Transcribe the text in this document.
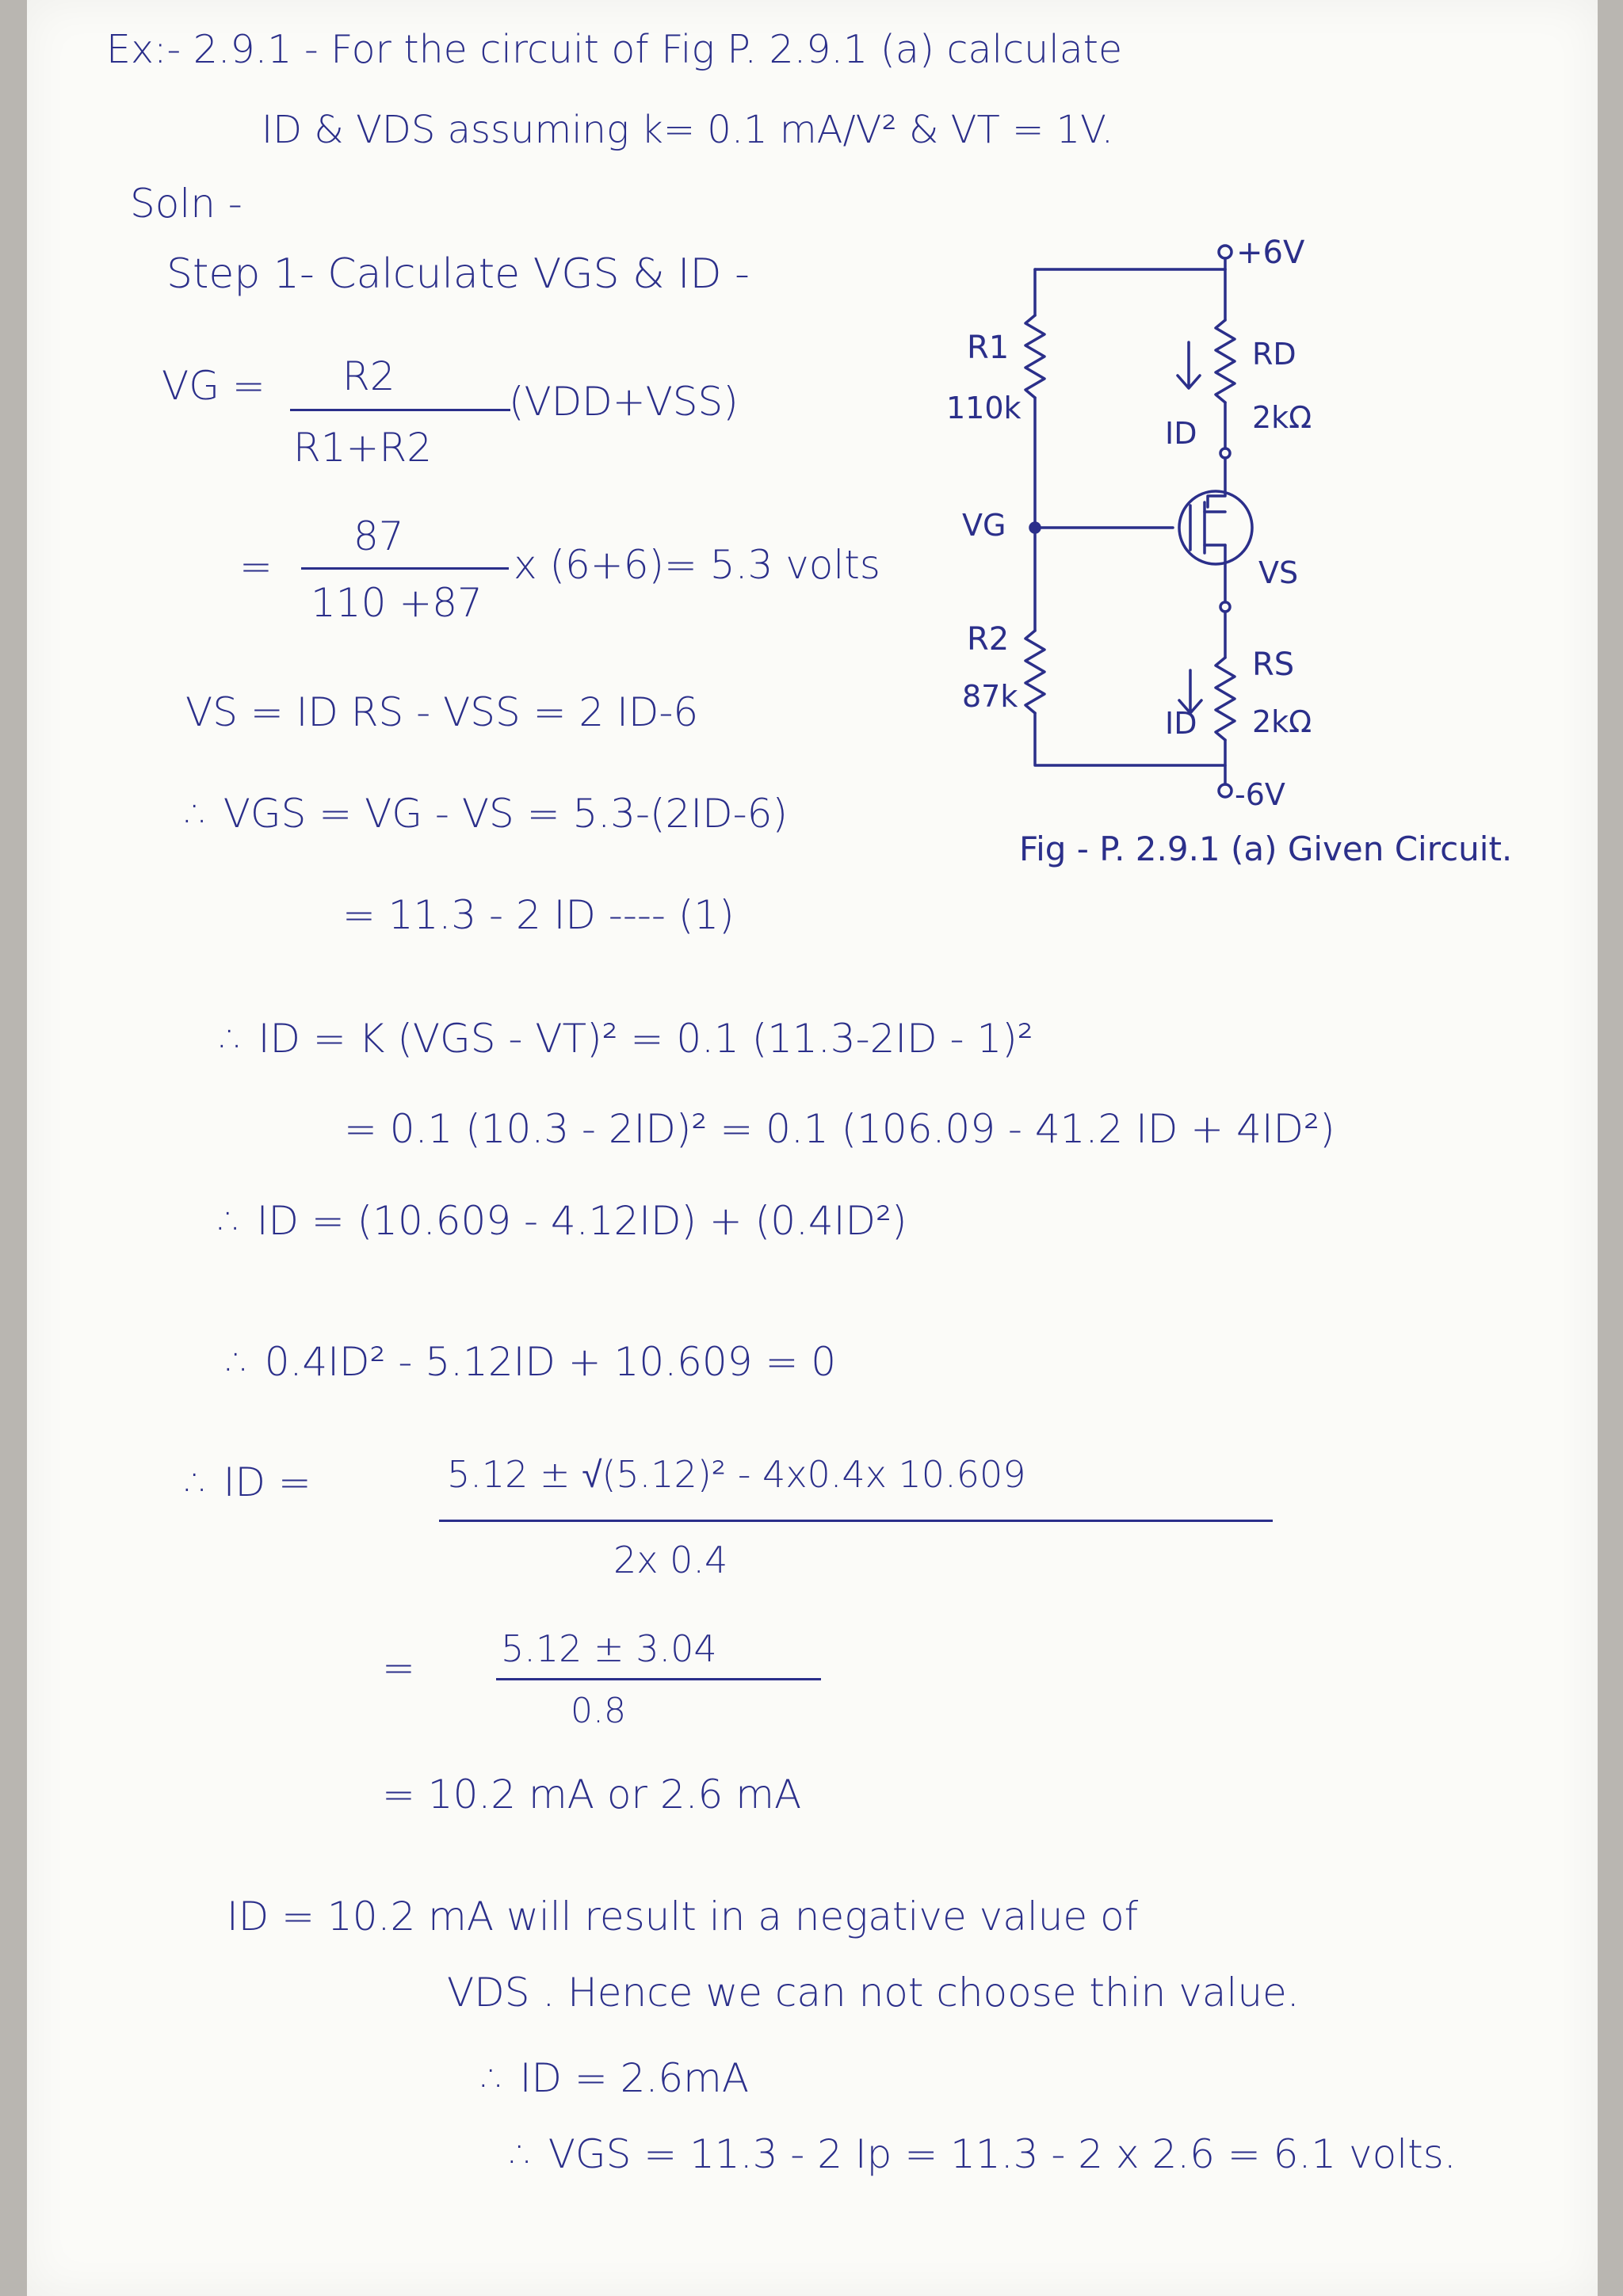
Ex:- 2.9.1 - For the circuit of Fig P. 2.9.1 (a) calculate
ID & VDS assuming k= 0.1 mA/V² & VT = 1V.
Soln -
Step 1- Calculate VGS & ID -
VG = R2
R1+R2
(VDD+VSS)
=
87
110 +87
x (6+6)= 5.3 volts
VS = ID RS - VSS = 2 ID-6
∴ VGS = VG - VS = 5.3-(2ID-6)
= 11.3 - 2 ID ---- (1)
∴ ID = K (VGS - VT)² = 0.1 (11.3-2ID - 1)²
= 0.1 (10.3 - 2ID)² = 0.1 (106.09 - 41.2 ID + 4ID²)
∴ ID = (10.609 - 4.12ID) + (0.4ID²)
∴ 0.4ID² - 5.12ID + 10.609 = 0
∴ ID =	5.12 ± √(5.12)² - 4x0.4x 10.609
2x 0.4
= 5.12 ± 3.04
0.8
= 10.2 mA or 2.6 mA
ID = 10.2 mA will result in a negative value of
VDS . Hence we can not choose thin value.
∴ ID = 2.6mA
∴ VGS = 11.3 - 2 Ip = 11.3 - 2 x 2.6 = 6.1 volts.
+6V
R1
110k
RD
2kΩ
ID
VG
VS
R2
87k
RS
2kΩ
ID
-6V
Fig - P. 2.9.1 (a) Given Circuit.
